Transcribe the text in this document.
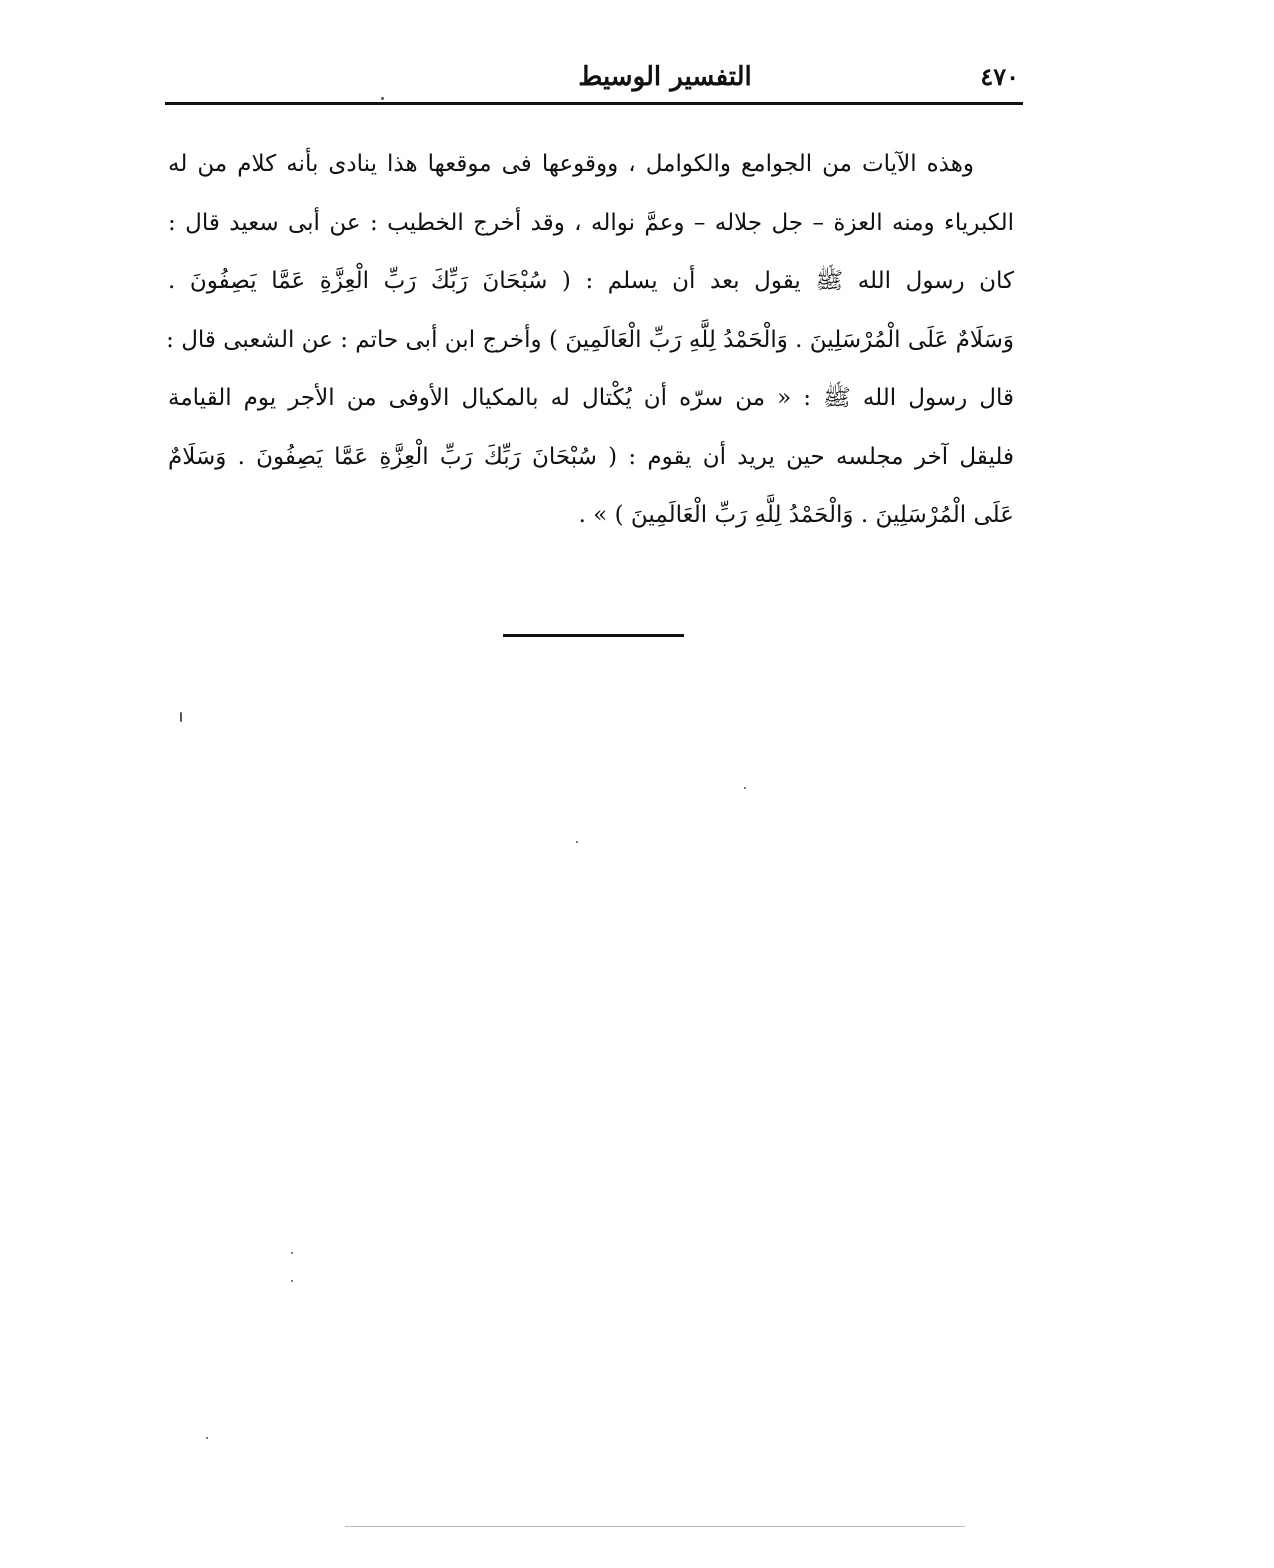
التفسير الوسيط	٤٧٠
وهذه الآيات من الجوامع والكوامل ، ووقوعها فى موقعها هذا ينادى بأنه كلام من له
الكبرياء ومنه العزة – جل جلاله – وعمَّ نواله ، وقد أخرج الخطيب : عن أبى سعيد قال :
كان رسول الله ﷺ يقول بعد أن يسلم : ( سُبْحَانَ رَبِّكَ رَبِّ الْعِزَّةِ عَمَّا يَصِفُونَ .
وَسَلَامٌ عَلَى الْمُرْسَلِينَ . وَالْحَمْدُ لِلَّهِ رَبِّ الْعَالَمِينَ ) وأخرج ابن أبى حاتم : عن الشعبى قال :
قال رسول الله ﷺ : « من سرّه أن يُكْتال له بالمكيال الأوفى من الأجر يوم القيامة
فليقل آخر مجلسه حين يريد أن يقوم : ( سُبْحَانَ رَبِّكَ رَبِّ الْعِزَّةِ عَمَّا يَصِفُونَ . وَسَلَامٌ
عَلَى الْمُرْسَلِينَ . وَالْحَمْدُ لِلَّهِ رَبِّ الْعَالَمِينَ ) » .
